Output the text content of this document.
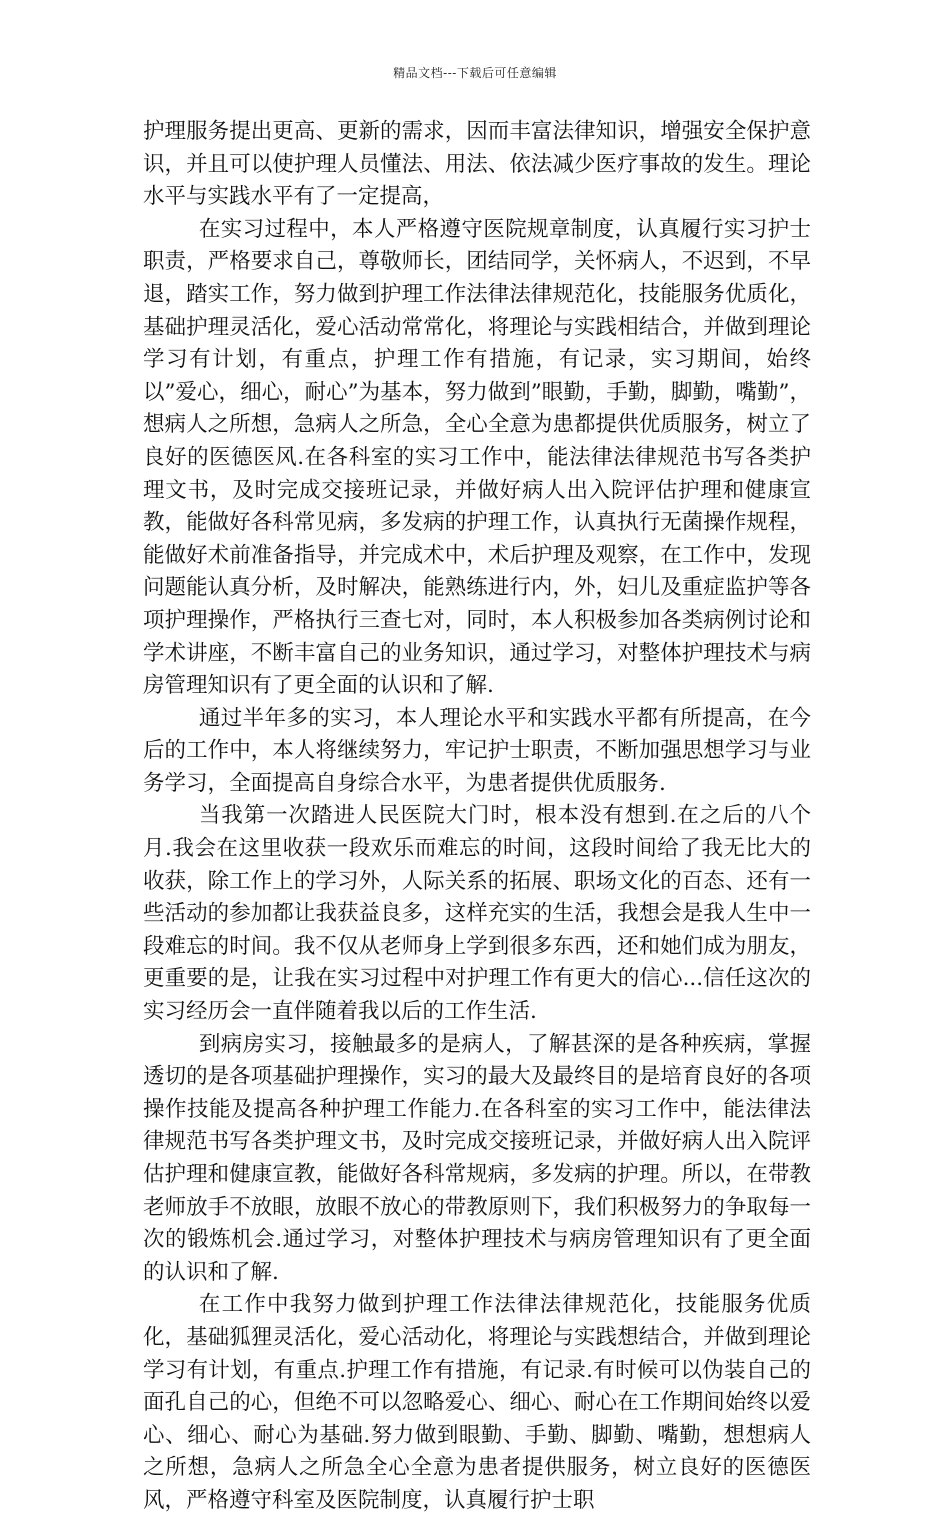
精品文档---下载后可任意编辑

护理服务提出更高、更新的需求，因而丰富法律知识，增强安全保护意识，并且可以使护理人员懂法、用法、依法减少医疗事故的发生。理论水平与实践水平有了一定提高，

在实习过程中，本人严格遵守医院规章制度，认真履行实习护士职责，严格要求自己，尊敬师长，团结同学，关怀病人，不迟到，不早退，踏实工作，努力做到护理工作法律法律规范化，技能服务优质化，基础护理灵活化，爱心活动常常化，将理论与实践相结合，并做到理论学习有计划，有重点，护理工作有措施，有记录，实习期间，始终以”爱心，细心，耐心”为基本，努力做到”眼勤，手勤，脚勤，嘴勤”，想病人之所想，急病人之所急，全心全意为患都提供优质服务，树立了良好的医德医风.在各科室的实习工作中，能法律法律规范书写各类护理文书，及时完成交接班记录，并做好病人出入院评估护理和健康宣教，能做好各科常见病，多发病的护理工作，认真执行无菌操作规程，能做好术前准备指导，并完成术中，术后护理及观察，在工作中，发现问题能认真分析，及时解决，能熟练进行内，外，妇儿及重症监护等各项护理操作，严格执行三查七对，同时，本人积极参加各类病例讨论和学术讲座，不断丰富自己的业务知识，通过学习，对整体护理技术与病房管理知识有了更全面的认识和了解.

通过半年多的实习，本人理论水平和实践水平都有所提高，在今后的工作中，本人将继续努力，牢记护士职责，不断加强思想学习与业务学习，全面提高自身综合水平，为患者提供优质服务.

当我第一次踏进人民医院大门时，根本没有想到.在之后的八个月.我会在这里收获一段欢乐而难忘的时间，这段时间给了我无比大的收获，除工作上的学习外，人际关系的拓展、职场文化的百态、还有一些活动的参加都让我获益良多，这样充实的生活，我想会是我人生中一段难忘的时间。我不仅从老师身上学到很多东西，还和她们成为朋友，更重要的是，让我在实习过程中对护理工作有更大的信心...信任这次的实习经历会一直伴随着我以后的工作生活.

到病房实习，接触最多的是病人，了解甚深的是各种疾病，掌握透切的是各项基础护理操作，实习的最大及最终目的是培育良好的各项操作技能及提高各种护理工作能力.在各科室的实习工作中，能法律法律规范书写各类护理文书，及时完成交接班记录，并做好病人出入院评估护理和健康宣教，能做好各科常规病，多发病的护理。所以，在带教老师放手不放眼，放眼不放心的带教原则下，我们积极努力的争取每一次的锻炼机会.通过学习，对整体护理技术与病房管理知识有了更全面的认识和了解.

在工作中我努力做到护理工作法律法律规范化，技能服务优质化，基础狐狸灵活化，爱心活动化，将理论与实践想结合，并做到理论学习有计划，有重点.护理工作有措施，有记录.有时候可以伪装自己的面孔自己的心，但绝不可以忽略爱心、细心、耐心在工作期间始终以爱心、细心、耐心为基础.努力做到眼勤、手勤、脚勤、嘴勤，想想病人之所想，急病人之所急全心全意为患者提供服务，树立良好的医德医风，严格遵守科室及医院制度，认真履行护士职
